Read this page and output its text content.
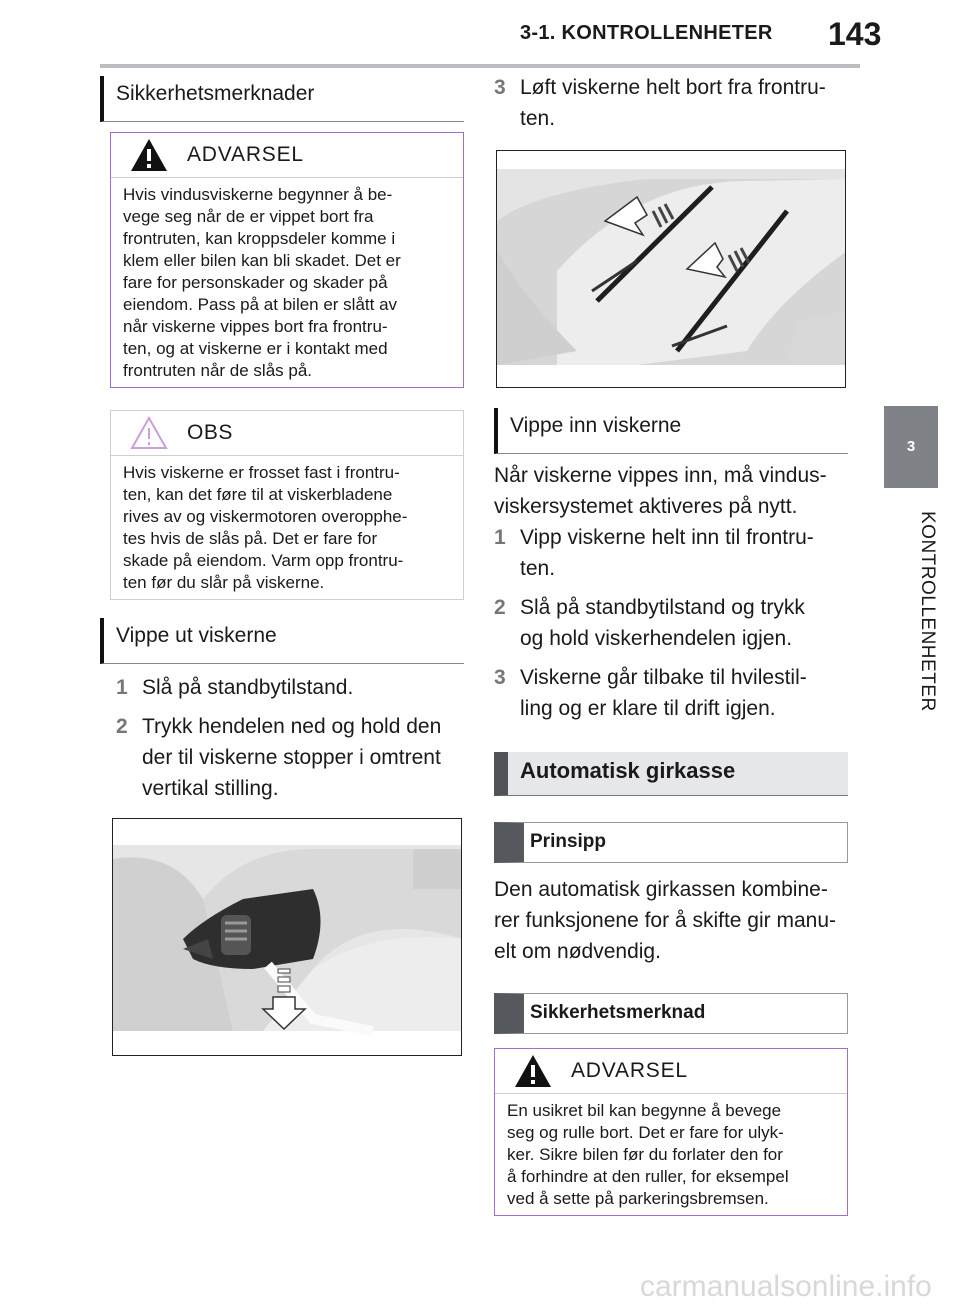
3-1. KONTROLLENHETER 143
3
KONTROLLENHETER
Sikkerhetsmerknader
ADVARSEL
Hvis vindusviskerne begynner å be-
vege seg når de er vippet bort fra
frontruten, kan kroppsdeler komme i
klem eller bilen kan bli skadet. Det er
fare for personskader og skader på
eiendom. Pass på at bilen er slått av
når viskerne vippes bort fra frontru-
ten, og at viskerne er i kontakt med
frontruten når de slås på.
OBS
Hvis viskerne er frosset fast i frontru-
ten, kan det føre til at viskerbladene
rives av og viskermotoren overopphe-
tes hvis de slås på. Det er fare for
skade på eiendom. Varm opp frontru-
ten før du slår på viskerne.
Vippe ut viskerne
1 Slå på standbytilstand.
2 Trykk hendelen ned og hold den
der til viskerne stopper i omtrent
vertikal stilling.
3 Løft viskerne helt bort fra frontru-
ten.
Vippe inn viskerne
Når viskerne vippes inn, må vindus-
viskersystemet aktiveres på nytt.
1 Vipp viskerne helt inn til frontru-
ten.
2 Slå på standbytilstand og trykk
og hold viskerhendelen igjen.
3 Viskerne går tilbake til hvilestil-
ling og er klare til drift igjen.
Automatisk girkasse
Prinsipp
Den automatisk girkassen kombine-
rer funksjonene for å skifte gir manu-
elt om nødvendig.
Sikkerhetsmerknad
ADVARSEL
En usikret bil kan begynne å bevege
seg og rulle bort. Det er fare for ulyk-
ker. Sikre bilen før du forlater den for
å forhindre at den ruller, for eksempel
ved å sette på parkeringsbremsen.
carmanualsonline.info
